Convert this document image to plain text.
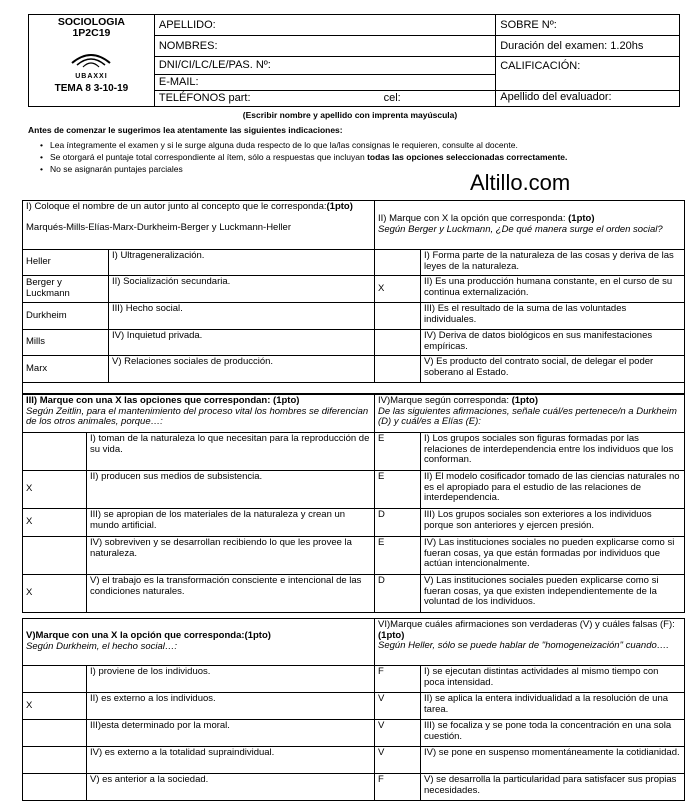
SOCIOLOGIA
1P2C19
UBAXXI
TEMA 8 3-10-19	APELLIDO:	SOBRE Nº:
	NOMBRES:	Duración del examen: 1.20hs
	DNI/CI/LC/LE/PAS. Nº:	CALIFICACIÓN:
	E-MAIL:	
	TELÉFONOS part: cel:	Apellido del evaluador:
(Escribir nombre y apellido con imprenta mayúscula)
Antes de comenzar le sugerimos lea atentamente las siguientes indicaciones:
• Lea íntegramente el examen y si le surge alguna duda respecto de lo que la/las consignas le requieren, consulte al docente.
• Se otorgará el puntaje total correspondiente al ítem, sólo a respuestas que incluyan todas las opciones seleccionadas correctamente.
• No se asignarán puntajes parciales
Altillo.com
I) Coloque el nombre de un autor junto al concepto que le corresponda:(1pto)

Marqués-Mills-Elías-Marx-Durkheim-Berger y Luckmann-Heller		II) Marque con X la opción que corresponda: (1pto)
Según Berger y Luckmann, ¿De qué manera surge el orden social?	
Heller	I) Ultrageneralización.		I) Forma parte de la naturaleza de las cosas y deriva de las leyes de la naturaleza.
Berger y Luckmann	II) Socialización secundaria.	X	II) Es una producción humana constante, en el curso de su continua externalización.
Durkheim	III) Hecho social.		III) Es el resultado de la suma de las voluntades individuales.
Mills	IV) Inquietud privada.		IV) Deriva de datos biológicos en sus manifestaciones empíricas.
Marx	V) Relaciones sociales de producción.		V) Es producto del contrato social, de delegar el poder soberano al Estado.

III) Marque con una X las opciones que correspondan: (1pto)
Según Zeitlin, para el mantenimiento del proceso vital los hombres se diferencian de los otros animales, porque…:		IV)Marque según corresponda: (1pto)
De las siguientes afirmaciones, señale cuál/es pertenece/n a Durkheim (D) y cuál/es a Elías (E):	
	I) toman de la naturaleza lo que necesitan para la reproducción de su vida.	E	I) Los grupos sociales son figuras formadas por las relaciones de interdependencia entre los individuos que los conforman.
X	II) producen sus medios de subsistencia.	E	II) El modelo cosificador tomado de las ciencias naturales no es el apropiado para el estudio de las relaciones de interdependencia.
X	III) se apropian de los materiales de la naturaleza y crean un mundo artificial.	D	III) Los grupos sociales son exteriores a los individuos porque son anteriores y ejercen presión.
	IV) sobreviven y se desarrollan recibiendo lo que les provee la naturaleza.	E	IV) Las instituciones sociales no pueden explicarse como si fueran cosas, ya que están formadas por individuos que actúan intencionalmente.
X	V) el trabajo es la transformación consciente e intencional de las condiciones naturales.	D	V) Las instituciones sociales pueden explicarse como si fueran cosas, ya que existen independientemente de la voluntad de los individuos.
V)Marque con una X la opción que corresponda:(1pto)
Según Durkheim, el hecho social…:		VI)Marque cuáles afirmaciones son verdaderas (V) y cuáles falsas (F):(1pto)
Según Heller, sólo se puede hablar de "homogeneización" cuando….	
	I) proviene de los individuos.	F	I) se ejecutan distintas actividades al mismo tiempo con poca intensidad.
X	II) es externo a los individuos.	V	II) se aplica la entera individualidad a la resolución de una tarea.
	III)esta determinado por la moral.	V	III) se focaliza y se pone toda la concentración en una sola cuestión.
	IV) es externo a la totalidad supraindividual.	V	IV) se pone en suspenso momentáneamente la cotidianidad.
	V) es anterior a la sociedad.	F	V) se desarrolla la particularidad para satisfacer sus propias necesidades.
